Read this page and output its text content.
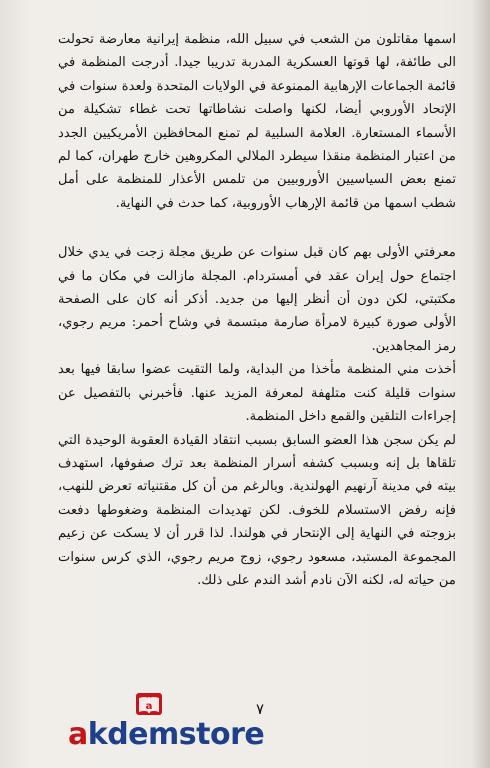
اسمها مقاتلون من الشعب في سبيل الله، منظمة إيرانية معارضة تحولت الى طائفة، لها قوتها العسكرية المدربة تدريبا جيدا. أدرجت المنظمة في قائمة الجماعات الإرهابية الممنوعة في الولايات المتحدة ولعدة سنوات في الإتحاد الأوروبي أيضا، لكنها واصلت نشاطاتها تحت غطاء تشكيلة من الأسماء المستعارة. العلامة السلبية لم تمنع المحافظين الأمريكيين الجدد من اعتبار المنظمة منقذا سيطرد الملالي المكروهين خارج طهران، كما لم تمنع بعض السياسيين الأوروبيين من تلمس الأعذار للمنظمة على أمل شطب اسمها من قائمة الإرهاب الأوروبية، كما حدث في النهاية.

معرفتي الأولى بهم كان قبل سنوات عن طريق مجلة زجت في يدي خلال اجتماع حول إيران عقد في أمستردام. المجلة مازالت في مكان ما في مكتبتي، لكن دون أن أنظر إليها من جديد. أذكر أنه كان على الصفحة الأولى صورة كبيرة لامرأة صارمة مبتسمة في وشاح أحمر: مريم رجوي، رمز المجاهدين.

أخذت مني المنظمة مأخذا من البداية، ولما التقيت عضوا سابقا فيها بعد سنوات قليلة كنت متلهفة لمعرفة المزيد عنها. فأخبرني بالتفصيل عن إجراءات التلقين والقمع داخل المنظمة.

لم يكن سجن هذا العضو السابق بسبب انتقاد القيادة العقوبة الوحيدة التي تلقاها بل إنه وبسبب كشفه أسرار المنظمة بعد ترك صفوفها، استهدف بيته في مدينة آرنهيم الهولندية. وبالرغم من أن كل مقتنياته تعرض للنهب، فإنه رفض الاستسلام للخوف. لكن تهديدات المنظمة وضغوطها دفعت بزوجته في النهاية إلى الإنتحار في هولندا. لذا قرر أن لا يسكت عن زعيم المجموعة المستبد، مسعود رجوي، زوج مريم رجوي، الذي كرس سنوات من حياته له، لكنه الآن نادم أشد الندم على ذلك.

٧
a
akdemstore
